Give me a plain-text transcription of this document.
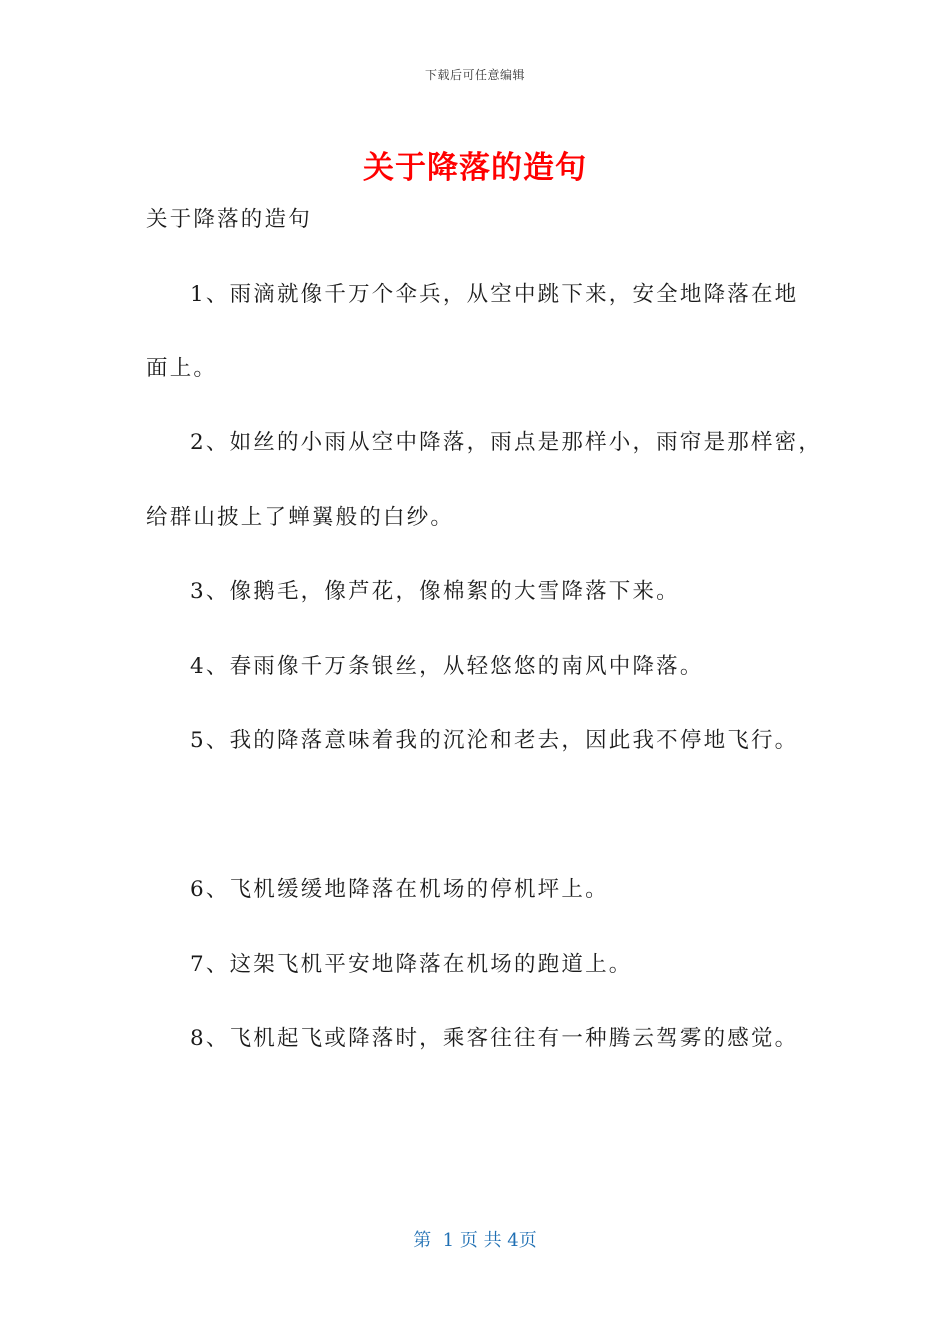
下载后可任意编辑
关于降落的造句
关于降落的造句
1、雨滴就像千万个伞兵，从空中跳下来，安全地降落在地
面上。
2、如丝的小雨从空中降落，雨点是那样小，雨帘是那样密，
给群山披上了蝉翼般的白纱。
3、像鹅毛，像芦花，像棉絮的大雪降落下来。
4、春雨像千万条银丝，从轻悠悠的南风中降落。
5、我的降落意味着我的沉沦和老去，因此我不停地飞行。
6、飞机缓缓地降落在机场的停机坪上。
7、这架飞机平安地降落在机场的跑道上。
8、飞机起飞或降落时，乘客往往有一种腾云驾雾的感觉。
第  1 页 共 4页
